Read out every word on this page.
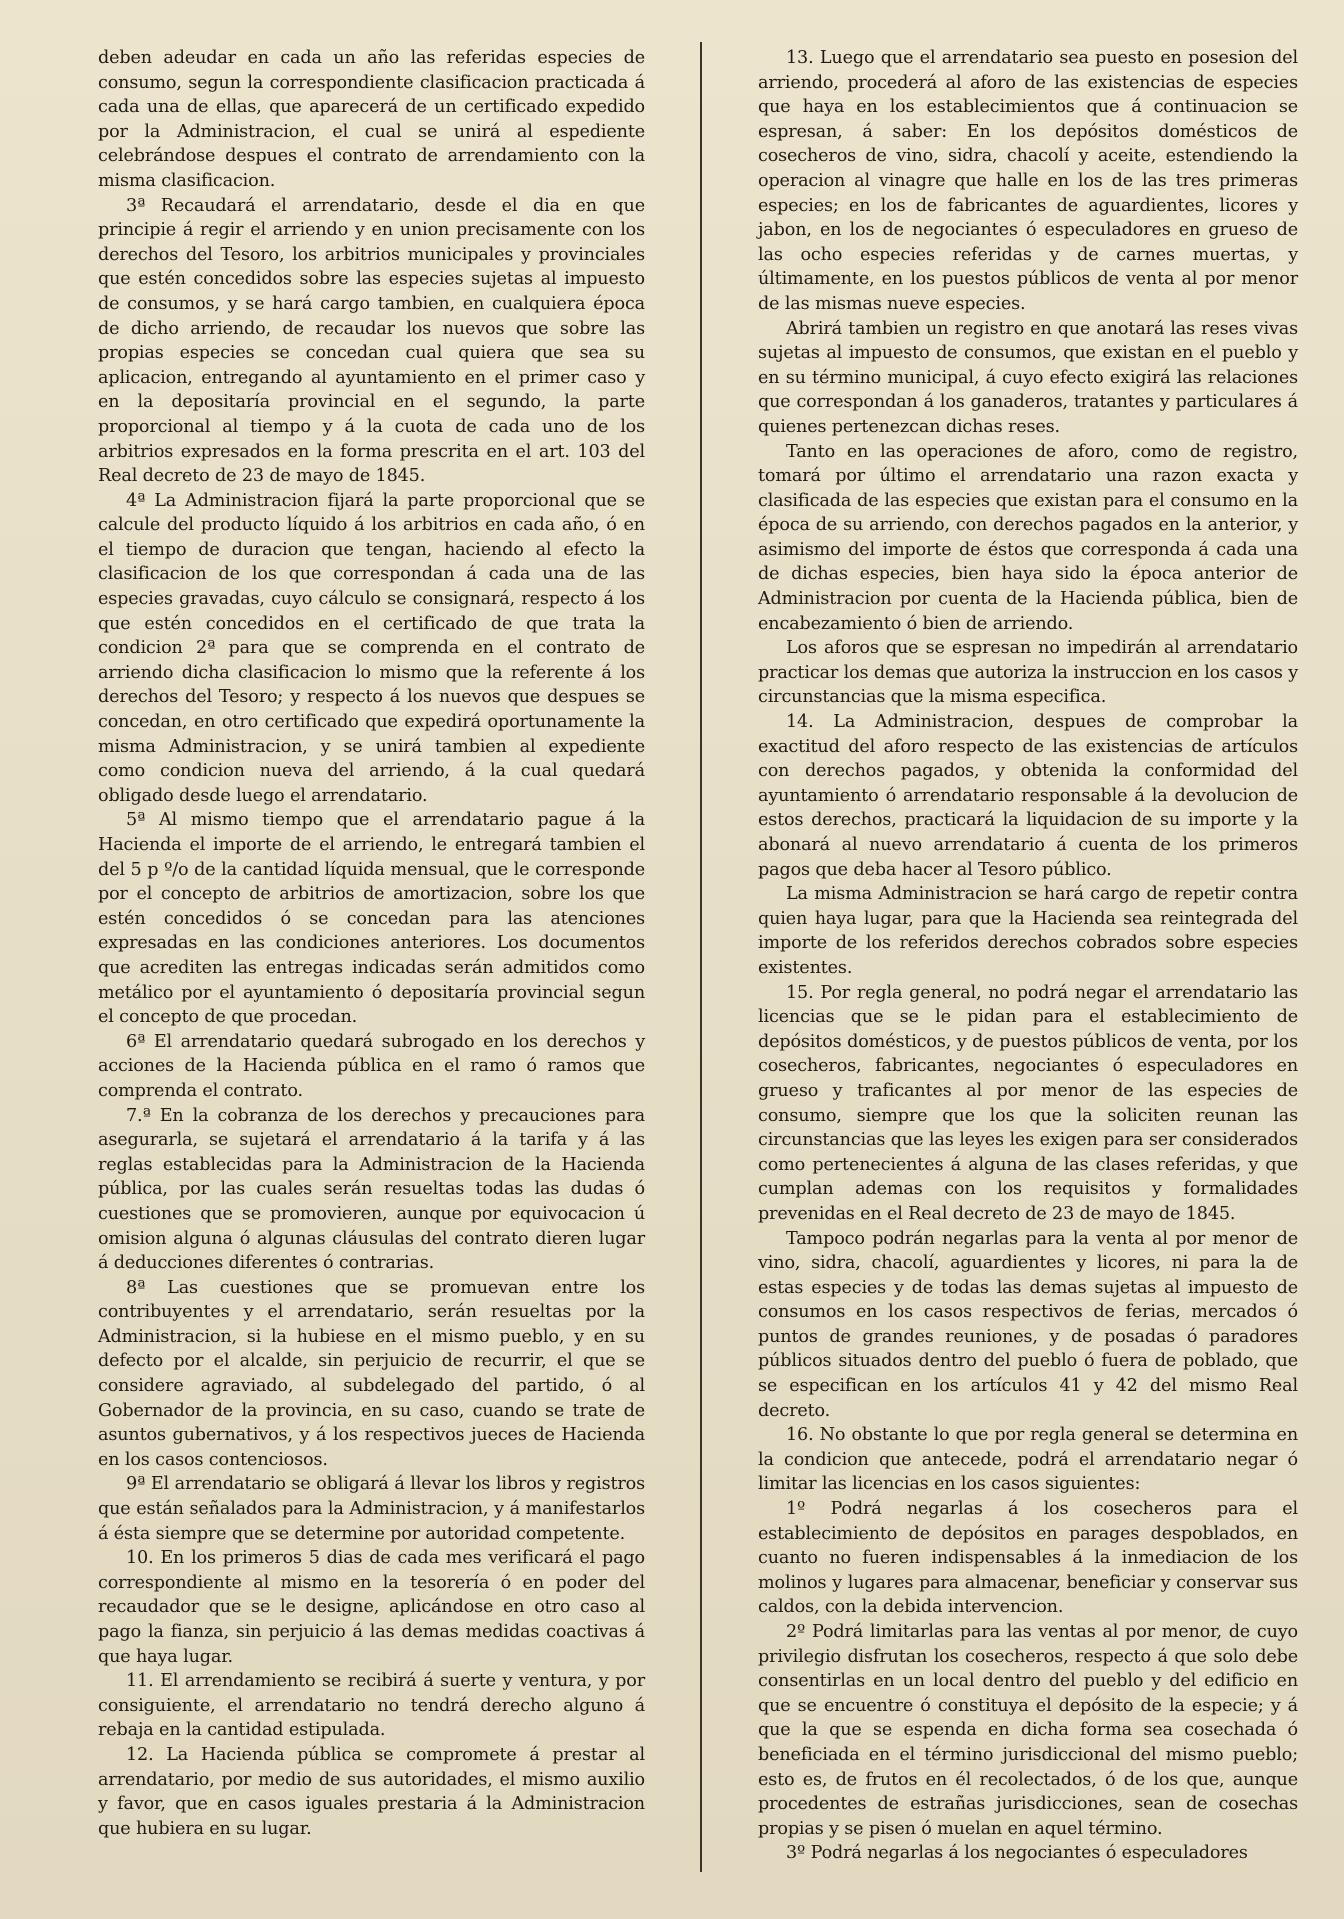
deben adeudar en cada un año las referidas especies de consumo, segun la correspondiente clasificacion practicada á cada una de ellas, que aparecerá de un certificado expedido por la Administracion, el cual se unirá al espediente celebrándose despues el contrato de arrendamiento con la misma clasificacion.

3ª Recaudará el arrendatario, desde el dia en que principie á regir el arriendo y en union precisamente con los derechos del Tesoro, los arbitrios municipales y provinciales que estén concedidos sobre las especies sujetas al impuesto de consumos, y se hará cargo tambien, en cualquiera época de dicho arriendo, de recaudar los nuevos que sobre las propias especies se concedan cual quiera que sea su aplicacion, entregando al ayuntamiento en el primer caso y en la depositaría provincial en el segundo, la parte proporcional al tiempo y á la cuota de cada uno de los arbitrios expresados en la forma prescrita en el art. 103 del Real decreto de 23 de mayo de 1845.

4ª La Administracion fijará la parte proporcional que se calcule del producto líquido á los arbitrios en cada año, ó en el tiempo de duracion que tengan, haciendo al efecto la clasificacion de los que correspondan á cada una de las especies gravadas, cuyo cálculo se consignará, respecto á los que estén concedidos en el certificado de que trata la condicion 2ª para que se comprenda en el contrato de arriendo dicha clasificacion lo mismo que la referente á los derechos del Tesoro; y respecto á los nuevos que despues se concedan, en otro certificado que expedirá oportunamente la misma Administracion, y se unirá tambien al expediente como condicion nueva del arriendo, á la cual quedará obligado desde luego el arrendatario.

5ª Al mismo tiempo que el arrendatario pague á la Hacienda el importe de el arriendo, le entregará tambien el del 5 p º/o de la cantidad líquida mensual, que le corresponde por el concepto de arbitrios de amortizacion, sobre los que estén concedidos ó se concedan para las atenciones expresadas en las condiciones anteriores. Los documentos que acrediten las entregas indicadas serán admitidos como metálico por el ayuntamiento ó depositaría provincial segun el concepto de que procedan.

6ª El arrendatario quedará subrogado en los derechos y acciones de la Hacienda pública en el ramo ó ramos que comprenda el contrato.

7.ª En la cobranza de los derechos y precauciones para asegurarla, se sujetará el arrendatario á la tarifa y á las reglas establecidas para la Administracion de la Hacienda pública, por las cuales serán resueltas todas las dudas ó cuestiones que se promovieren, aunque por equivocacion ú omision alguna ó algunas cláusulas del contrato dieren lugar á deducciones diferentes ó contrarias.

8ª Las cuestiones que se promuevan entre los contribuyentes y el arrendatario, serán resueltas por la Administracion, si la hubiese en el mismo pueblo, y en su defecto por el alcalde, sin perjuicio de recurrir, el que se considere agraviado, al subdelegado del partido, ó al Gobernador de la provincia, en su caso, cuando se trate de asuntos gubernativos, y á los respectivos jueces de Hacienda en los casos contenciosos.

9ª El arrendatario se obligará á llevar los libros y registros que están señalados para la Administracion, y á manifestarlos á ésta siempre que se determine por autoridad competente.

10. En los primeros 5 dias de cada mes verificará el pago correspondiente al mismo en la tesorería ó en poder del recaudador que se le designe, aplicándose en otro caso al pago la fianza, sin perjuicio á las demas medidas coactivas á que haya lugar.

11. El arrendamiento se recibirá á suerte y ventura, y por consiguiente, el arrendatario no tendrá derecho alguno á rebaja en la cantidad estipulada.

12. La Hacienda pública se compromete á prestar al arrendatario, por medio de sus autoridades, el mismo auxilio y favor, que en casos iguales prestaria á la Administracion que hubiera en su lugar.

13. Luego que el arrendatario sea puesto en posesion del arriendo, procederá al aforo de las existencias de especies que haya en los establecimientos que á continuacion se espresan, á saber: En los depósitos domésticos de cosecheros de vino, sidra, chacolí y aceite, estendiendo la operacion al vinagre que halle en los de las tres primeras especies; en los de fabricantes de aguardientes, licores y jabon, en los de negociantes ó especuladores en grueso de las ocho especies referidas y de carnes muertas, y últimamente, en los puestos públicos de venta al por menor de las mismas nueve especies.

Abrirá tambien un registro en que anotará las reses vivas sujetas al impuesto de consumos, que existan en el pueblo y en su término municipal, á cuyo efecto exigirá las relaciones que correspondan á los ganaderos, tratantes y particulares á quienes pertenezcan dichas reses.

Tanto en las operaciones de aforo, como de registro, tomará por último el arrendatario una razon exacta y clasificada de las especies que existan para el consumo en la época de su arriendo, con derechos pagados en la anterior, y asimismo del importe de éstos que corresponda á cada una de dichas especies, bien haya sido la época anterior de Administracion por cuenta de la Hacienda pública, bien de encabezamiento ó bien de arriendo.

Los aforos que se espresan no impedirán al arrendatario practicar los demas que autoriza la instruccion en los casos y circunstancias que la misma especifica.

14. La Administracion, despues de comprobar la exactitud del aforo respecto de las existencias de artículos con derechos pagados, y obtenida la conformidad del ayuntamiento ó arrendatario responsable á la devolucion de estos derechos, practicará la liquidacion de su importe y la abonará al nuevo arrendatario á cuenta de los primeros pagos que deba hacer al Tesoro público.

La misma Administracion se hará cargo de repetir contra quien haya lugar, para que la Hacienda sea reintegrada del importe de los referidos derechos cobrados sobre especies existentes.

15. Por regla general, no podrá negar el arrendatario las licencias que se le pidan para el establecimiento de depósitos domésticos, y de puestos públicos de venta, por los cosecheros, fabricantes, negociantes ó especuladores en grueso y traficantes al por menor de las especies de consumo, siempre que los que la soliciten reunan las circunstancias que las leyes les exigen para ser considerados como pertenecientes á alguna de las clases referidas, y que cumplan ademas con los requisitos y formalidades prevenidas en el Real decreto de 23 de mayo de 1845.

Tampoco podrán negarlas para la venta al por menor de vino, sidra, chacolí, aguardientes y licores, ni para la de estas especies y de todas las demas sujetas al impuesto de consumos en los casos respectivos de ferias, mercados ó puntos de grandes reuniones, y de posadas ó paradores públicos situados dentro del pueblo ó fuera de poblado, que se especifican en los artículos 41 y 42 del mismo Real decreto.

16. No obstante lo que por regla general se determina en la condicion que antecede, podrá el arrendatario negar ó limitar las licencias en los casos siguientes:

1º Podrá negarlas á los cosecheros para el establecimiento de depósitos en parages despoblados, en cuanto no fueren indispensables á la inmediacion de los molinos y lugares para almacenar, beneficiar y conservar sus caldos, con la debida intervencion.

2º Podrá limitarlas para las ventas al por menor, de cuyo privilegio disfrutan los cosecheros, respecto á que solo debe consentirlas en un local dentro del pueblo y del edificio en que se encuentre ó constituya el depósito de la especie; y á que la que se espenda en dicha forma sea cosechada ó beneficiada en el término jurisdiccional del mismo pueblo; esto es, de frutos en él recolectados, ó de los que, aunque procedentes de estrañas jurisdicciones, sean de cosechas propias y se pisen ó muelan en aquel término.

3º Podrá negarlas á los negociantes ó especuladores
